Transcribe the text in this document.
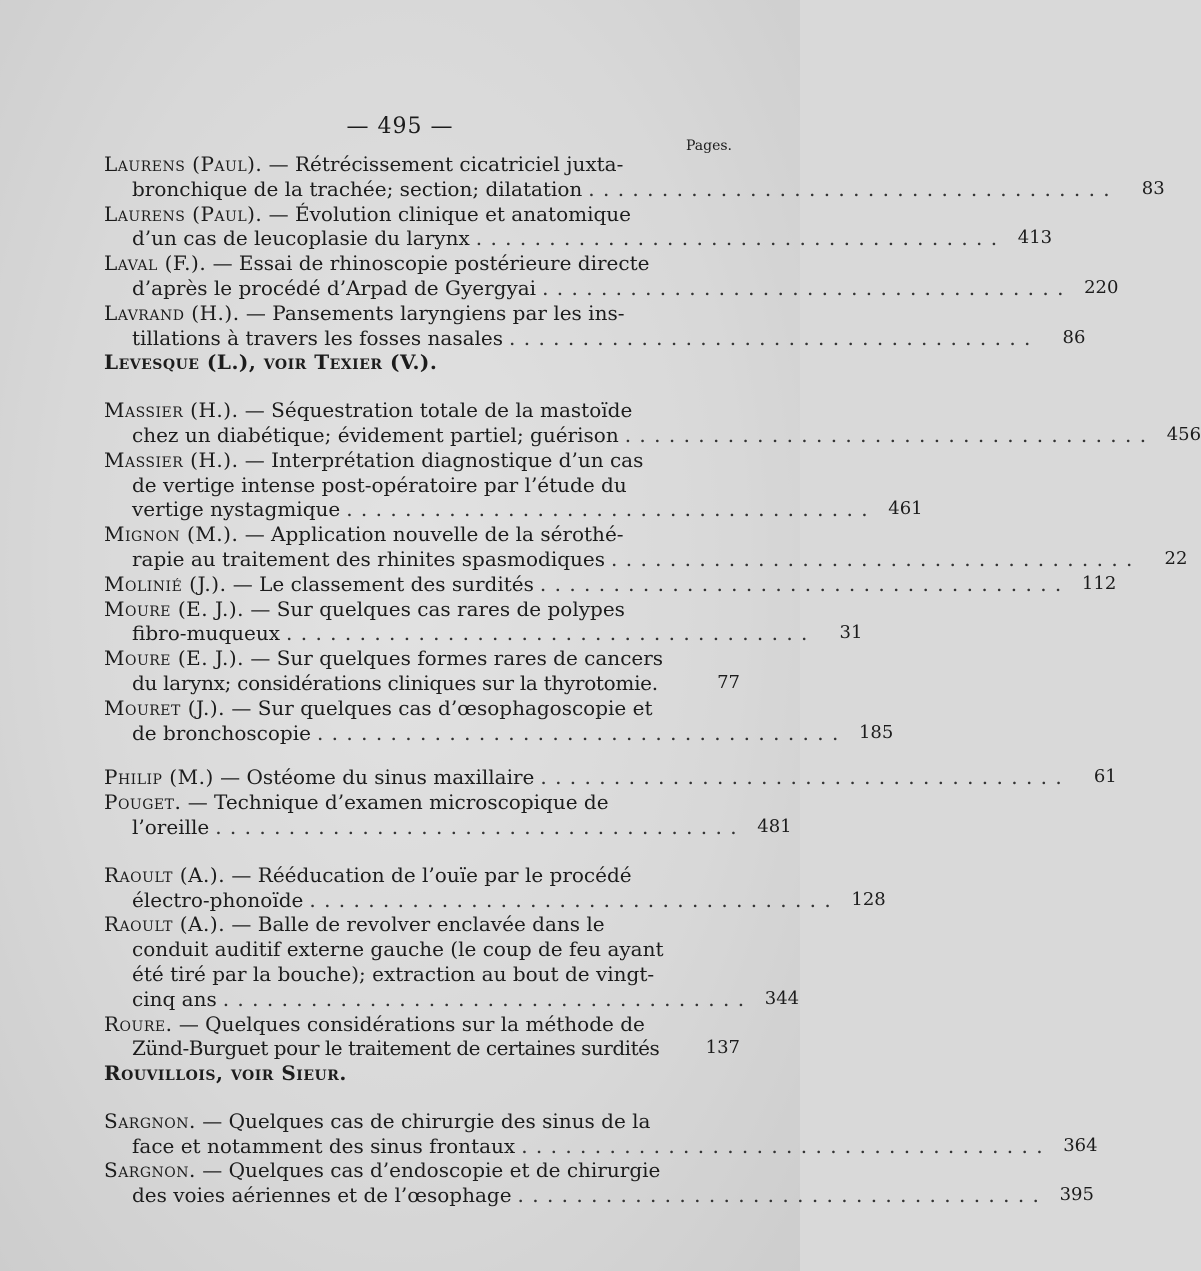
— 495 —
Pages.
Laurens (Paul). — Rétrécissement cicatriciel juxta-
bronchique de la trachée; section; dilatation . . . . . . . . . . . . . . . . . . . . . . . . . . . . . . . . . . . .	83
Laurens (Paul). — Évolution clinique et anatomique
d’un cas de leucoplasie du larynx . . . . . . . . . . . . . . . . . . . . . . . . . . . . . . . . . . . .	413
Laval (F.). — Essai de rhinoscopie postérieure directe
d’après le procédé d’Arpad de Gyergyai . . . . . . . . . . . . . . . . . . . . . . . . . . . . . . . . . . . .	220
Lavrand (H.). — Pansements laryngiens par les ins-
tillations à travers les fosses nasales . . . . . . . . . . . . . . . . . . . . . . . . . . . . . . . . . . . .	86
Levesque (L.), voir Texier (V.).
Massier (H.). — Séquestration totale de la mastoïde
chez un diabétique; évidement partiel; guérison . . . . . . . . . . . . . . . . . . . . . . . . . . . . . . . . . . . .	456
Massier (H.). — Interprétation diagnostique d’un cas
de vertige intense post-opératoire par l’étude du
vertige nystagmique . . . . . . . . . . . . . . . . . . . . . . . . . . . . . . . . . . . .	461
Mignon (M.). — Application nouvelle de la sérothé-
rapie au traitement des rhinites spasmodiques . . . . . . . . . . . . . . . . . . . . . . . . . . . . . . . . . . . .	22
Molinié (J.). — Le classement des surdités . . . . . . . . . . . . . . . . . . . . . . . . . . . . . . . . . . . .	112
Moure (E. J.). — Sur quelques cas rares de polypes
fibro-muqueux . . . . . . . . . . . . . . . . . . . . . . . . . . . . . . . . . . . .	31
Moure (E. J.). — Sur quelques formes rares de cancers
du larynx; considérations cliniques sur la thyrotomie.	77
Mouret (J.). — Sur quelques cas d’œsophagoscopie et
de bronchoscopie . . . . . . . . . . . . . . . . . . . . . . . . . . . . . . . . . . . .	185
Philip (M.) — Ostéome du sinus maxillaire . . . . . . . . . . . . . . . . . . . . . . . . . . . . . . . . . . . .	61
Pouget. — Technique d’examen microscopique de
l’oreille . . . . . . . . . . . . . . . . . . . . . . . . . . . . . . . . . . . .	481
Raoult (A.). — Rééducation de l’ouïe par le procédé
électro-phonoïde . . . . . . . . . . . . . . . . . . . . . . . . . . . . . . . . . . . .	128
Raoult (A.). — Balle de revolver enclavée dans le
conduit auditif externe gauche (le coup de feu ayant
été tiré par la bouche); extraction au bout de vingt-
cinq ans . . . . . . . . . . . . . . . . . . . . . . . . . . . . . . . . . . . .	344
Roure. — Quelques considérations sur la méthode de
Zünd-Burguet pour le traitement de certaines surdités	137
Rouvillois, voir Sieur.
Sargnon. — Quelques cas de chirurgie des sinus de la
face et notamment des sinus frontaux . . . . . . . . . . . . . . . . . . . . . . . . . . . . . . . . . . . .	364
Sargnon. — Quelques cas d’endoscopie et de chirurgie
des voies aériennes et de l’œsophage . . . . . . . . . . . . . . . . . . . . . . . . . . . . . . . . . . . .	395
